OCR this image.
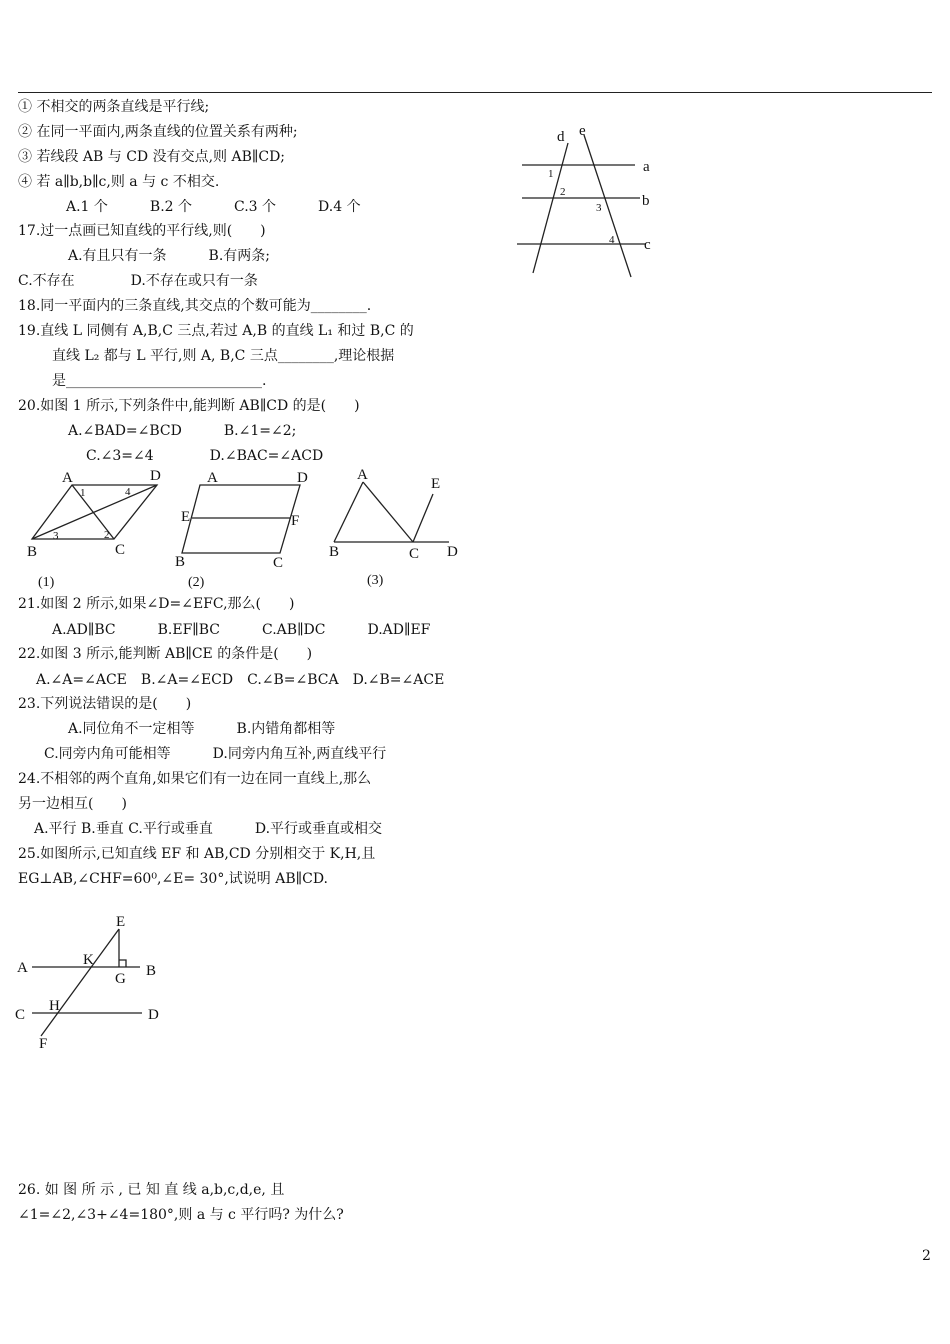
① 不相交的两条直线是平行线;
② 在同一平面内,两条直线的位置关系有两种;
③ 若线段 AB 与 CD 没有交点,则 AB∥CD;
④ 若 a∥b,b∥c,则 a 与 c 不相交.
A.1 个　　　B.2 个　　　C.3 个　　　D.4 个
17.过一点画已知直线的平行线,则(　　)
A.有且只有一条　　　B.有两条;
C.不存在　　　　D.不存在或只有一条
18.同一平面内的三条直线,其交点的个数可能为________.
19.直线 L 同侧有 A,B,C 三点,若过 A,B 的直线 L₁ 和过 B,C 的
直线 L₂ 都与 L 平行,则 A, B,C 三点________,理论根据
是____________________________.
20.如图 1 所示,下列条件中,能判断 AB∥CD 的是(　　)
A.∠BAD=∠BCD　　　B.∠1=∠2;
C.∠3=∠4　　　　D.∠BAC=∠ACD
21.如图 2 所示,如果∠D=∠EFC,那么(　　)
A.AD∥BC　　　B.EF∥BC　　　C.AB∥DC　　　D.AD∥EF
22.如图 3 所示,能判断 AB∥CE 的条件是(　　)
A.∠A=∠ACE　B.∠A=∠ECD　C.∠B=∠BCA　D.∠B=∠ACE
23.下列说法错误的是(　　)
A.同位角不一定相等　　　B.内错角都相等
C.同旁内角可能相等　　　D.同旁内角互补,两直线平行
24.不相邻的两个直角,如果它们有一边在同一直线上,那么
另一边相互(　　)
A.平行 B.垂直 C.平行或垂直　　　D.平行或垂直或相交
25.如图所示,已知直线 EF 和 AB,CD 分别相交于 K,H,且
EG⊥AB,∠CHF=60⁰,∠E= 30°,试说明 AB∥CD.
26. 如 图 所 示 , 已 知 直 线 a,b,c,d,e, 且
∠1=∠2,∠3+∠4=180°,则 a 与 c 平行吗? 为什么?
2
d e
a
b
c
1
2
3
4
A	D
B	C
1	4
3	2
(1)
A	D
E	F
B	C
(2)
A
E
B	C D
(3)
E
K
A
G B
H
C	D
F
